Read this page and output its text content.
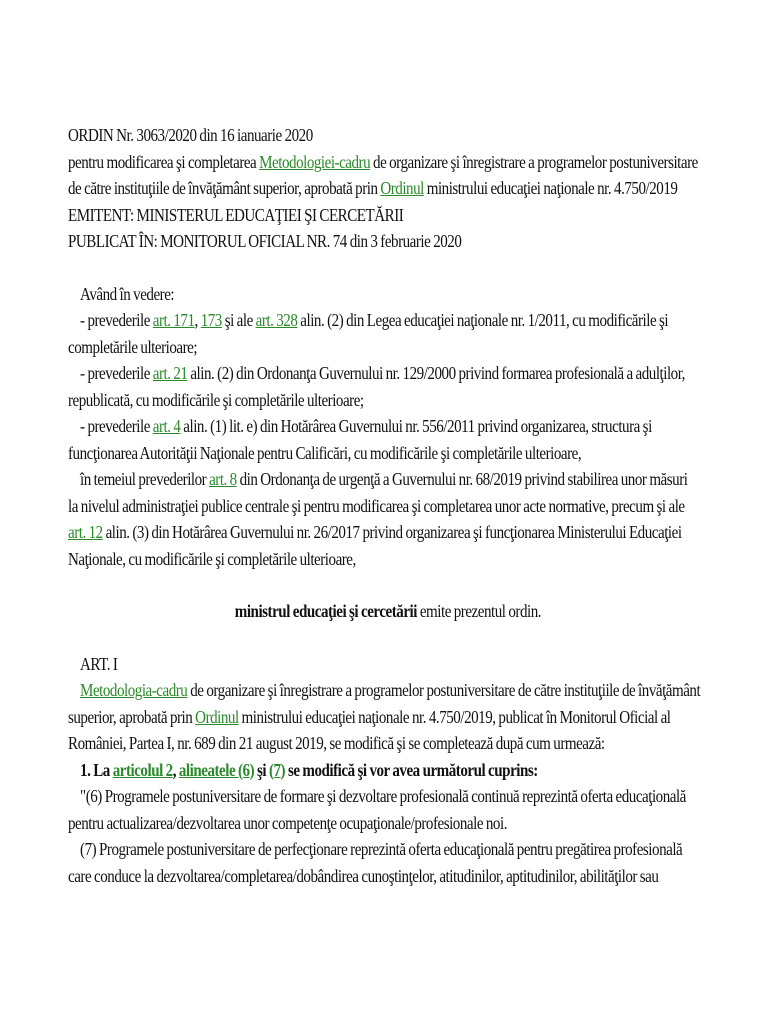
ORDIN Nr. 3063/2020 din 16 ianuarie 2020
pentru modificarea şi completarea Metodologiei-cadru de organizare şi înregistrare a programelor postuniversitare
de către instituţiile de învăţământ superior, aprobată prin Ordinul ministrului educaţiei naţionale nr. 4.750/2019
EMITENT: MINISTERUL EDUCAŢIEI ŞI CERCETĂRII
PUBLICAT ÎN: MONITORUL OFICIAL NR. 74 din 3 februarie 2020
Având în vedere:
- prevederile art. 171, 173 şi ale art. 328 alin. (2) din Legea educaţiei naţionale nr. 1/2011, cu modificările şi
completările ulterioare;
- prevederile art. 21 alin. (2) din Ordonanţa Guvernului nr. 129/2000 privind formarea profesională a adulţilor,
republicată, cu modificările şi completările ulterioare;
- prevederile art. 4 alin. (1) lit. e) din Hotărârea Guvernului nr. 556/2011 privind organizarea, structura şi
funcţionarea Autorităţii Naţionale pentru Calificări, cu modificările şi completările ulterioare,
în temeiul prevederilor art. 8 din Ordonanţa de urgenţă a Guvernului nr. 68/2019 privind stabilirea unor măsuri
la nivelul administraţiei publice centrale şi pentru modificarea şi completarea unor acte normative, precum şi ale
art. 12 alin. (3) din Hotărârea Guvernului nr. 26/2017 privind organizarea şi funcţionarea Ministerului Educaţiei
Naţionale, cu modificările şi completările ulterioare,
ministrul educaţiei şi cercetării emite prezentul ordin.
ART. I
Metodologia-cadru de organizare şi înregistrare a programelor postuniversitare de către instituţiile de învăţământ
superior, aprobată prin Ordinul ministrului educaţiei naţionale nr. 4.750/2019, publicat în Monitorul Oficial al
României, Partea I, nr. 689 din 21 august 2019, se modifică şi se completează după cum urmează:
1. La articolul 2, alineatele (6) şi (7) se modifică şi vor avea următorul cuprins:
"(6) Programele postuniversitare de formare şi dezvoltare profesională continuă reprezintă oferta educaţională
pentru actualizarea/dezvoltarea unor competenţe ocupaţionale/profesionale noi.
(7) Programele postuniversitare de perfecţionare reprezintă oferta educaţională pentru pregătirea profesională
care conduce la dezvoltarea/completarea/dobândirea cunoştinţelor, atitudinilor, aptitudinilor, abilităţilor sau
